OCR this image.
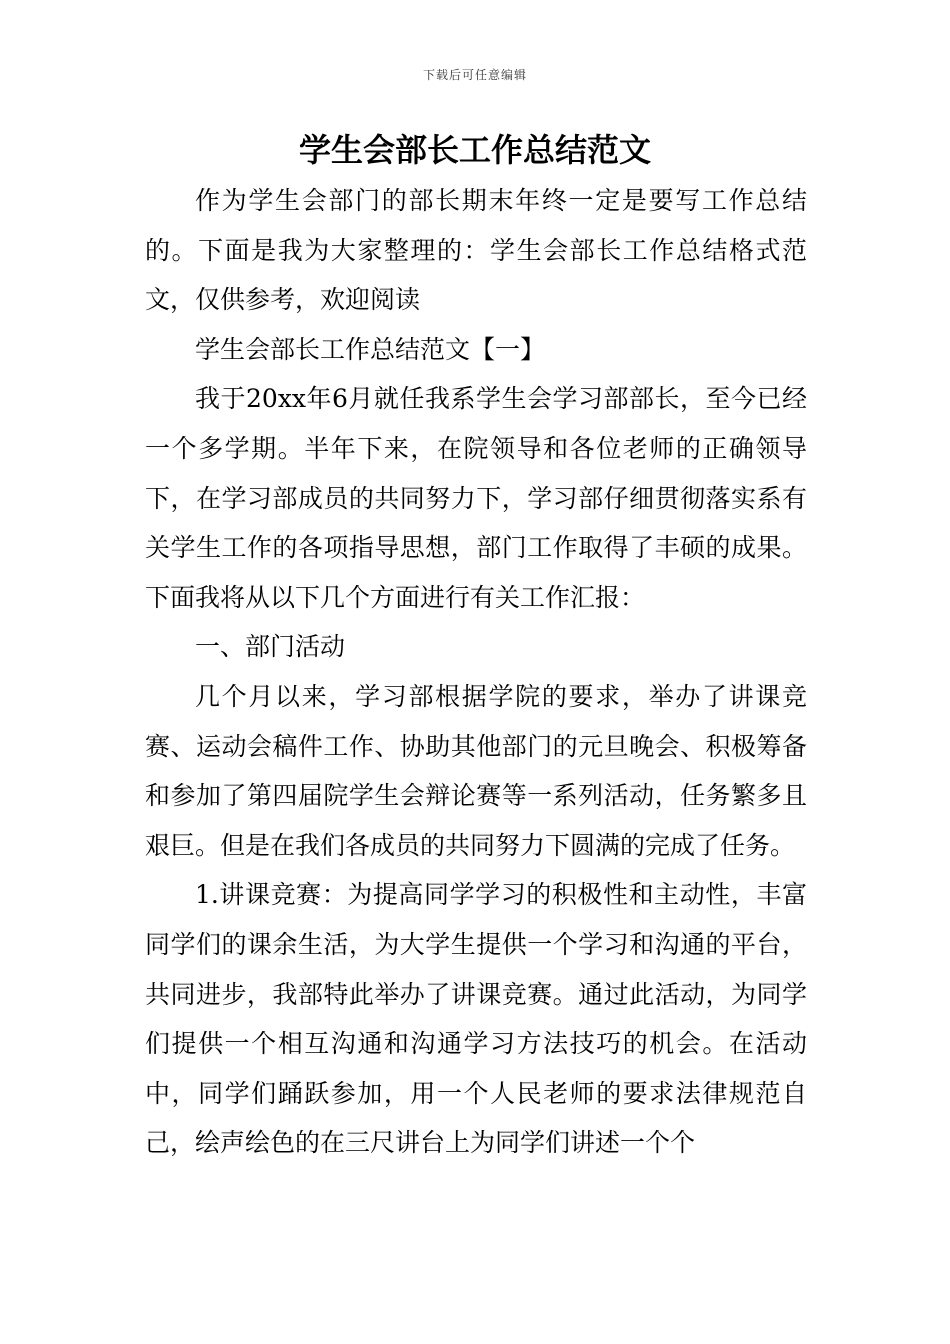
下载后可任意编辑
学生会部长工作总结范文

作为学生会部门的部长期末年终一定是要写工作总结的。下面是我为大家整理的：学生会部长工作总结格式范文，仅供参考，欢迎阅读

学生会部长工作总结范文【一】

我于20xx年6月就任我系学生会学习部部长，至今已经一个多学期。半年下来，在院领导和各位老师的正确领导下，在学习部成员的共同努力下，学习部仔细贯彻落实系有关学生工作的各项指导思想，部门工作取得了丰硕的成果。下面我将从以下几个方面进行有关工作汇报：

一、部门活动

几个月以来，学习部根据学院的要求，举办了讲课竞赛、运动会稿件工作、协助其他部门的元旦晚会、积极筹备和参加了第四届院学生会辩论赛等一系列活动，任务繁多且艰巨。但是在我们各成员的共同努力下圆满的完成了任务。

1.讲课竞赛：为提高同学学习的积极性和主动性，丰富同学们的课余生活，为大学生提供一个学习和沟通的平台，共同进步，我部特此举办了讲课竞赛。通过此活动，为同学们提供一个相互沟通和沟通学习方法技巧的机会。在活动中，同学们踊跃参加，用一个人民老师的要求法律规范自己，绘声绘色的在三尺讲台上为同学们讲述一个个
